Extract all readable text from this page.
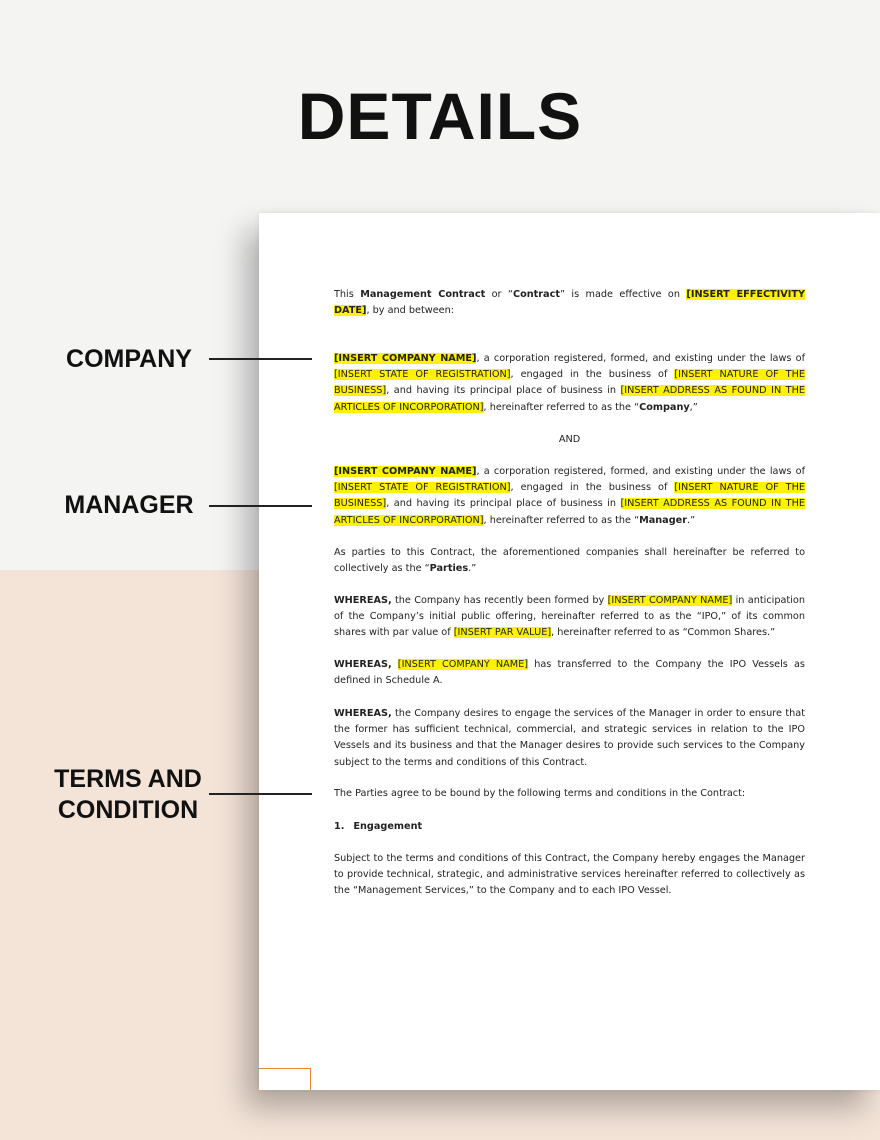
DETAILS
COMPANY
MANAGER
TERMS AND
CONDITION
This Management Contract or “Contract” is made effective on [INSERT EFFECTIVITY DATE], by and between:
[INSERT COMPANY NAME], a corporation registered, formed, and existing under the laws of [INSERT STATE OF REGISTRATION], engaged in the business of [INSERT NATURE OF THE BUSINESS], and having its principal place of business in [INSERT ADDRESS AS FOUND IN THE ARTICLES OF INCORPORATION], hereinafter referred to as the “Company,”
AND
[INSERT COMPANY NAME], a corporation registered, formed, and existing under the laws of [INSERT STATE OF REGISTRATION], engaged in the business of [INSERT NATURE OF THE BUSINESS], and having its principal place of business in [INSERT ADDRESS AS FOUND IN THE ARTICLES OF INCORPORATION], hereinafter referred to as the “Manager.”
As parties to this Contract, the aforementioned companies shall hereinafter be referred to collectively as the “Parties.”
WHEREAS, the Company has recently been formed by [INSERT COMPANY NAME] in anticipation of the Company’s initial public offering, hereinafter referred to as the “IPO,” of its common shares with par value of [INSERT PAR VALUE], hereinafter referred to as “Common Shares.”
WHEREAS, [INSERT COMPANY NAME] has transferred to the Company the IPO Vessels as defined in Schedule A.
WHEREAS, the Company desires to engage the services of the Manager in order to ensure that the former has sufficient technical, commercial, and strategic services in relation to the IPO Vessels and its business and that the Manager desires to provide such services to the Company subject to the terms and conditions of this Contract.
The Parties agree to be bound by the following terms and conditions in the Contract:
1. Engagement
Subject to the terms and conditions of this Contract, the Company hereby engages the Manager to provide technical, strategic, and administrative services hereinafter referred to collectively as the “Management Services,” to the Company and to each IPO Vessel.
